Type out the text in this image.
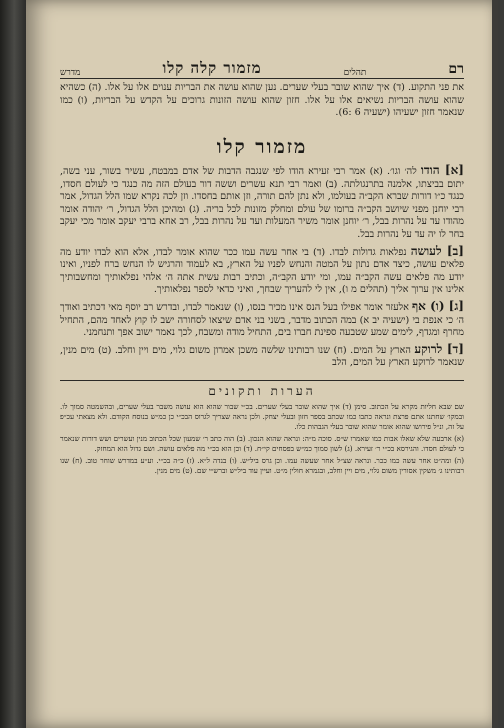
רם
תהלים
מזמור קלה קלו
מדרש
את פני התקוע. (ד) איך שהוא שובר בעלי שערים. נען שהוא עושה את הבריות ענוים אלו על אלו. (ה) כשהיא שהוא עושה הבריות נשיאים אלו על אלו. חזון שהוא עושה הזונות גרוכים על הקדש על הבריות, (ו) כמו שנאמר חזון ישעיהו (ישעיה 6 :6).
מזמור קלו

[א] הודו לה׳ וגו׳. (א) אמר רבי זעירא הודו לפי שנגבה הדבות של אדם במבטח, עשיר בשור, עני בשה, יתום בביצתו, אלמנה בתרנגולתה. (ב) ואמר רבי תנא עשרים וששה דור בעולם הזה מה כנגד כי לעולם חסדו, כנגד כ״ו דורות שברא הקב״ה בעולמו, ולא נתן להם תורה, וזן אותם בחסדו. וזן לכה נקרא שמו הלל הגדול, אמר רבי יוחנן מפני שיושב הקב״ה ברומו של עולם ומחלק מזונות לכל בריה. (ג) ומהיכן הלל הגדול, ר׳ יהודה אומר מהודו עד על נהרות בבל, ר׳ יוחנן אומר משיר המעלות ועד על נהרות בבל, רב אחא ברבי יעקב אומר מכי יעקב בחר לו יה עד על נהרות בבל.

[ב] לעושה נפלאות גדולות לבדו. (ד) בי אחר עשה עמו ככר שהוא אומר לבדו, אלא הוא לבדו יודע מה פלאים עושה, כיצד אדם נתון על המטה והנחש לפניו על הארץ, בא לעמוד והרגיש לו הנחש ברח לפניו, ואינו יודע מה פלאים עשה הקב״ה עמו, ומי יודע הקב״ה, וכתיב רבות עשית אתה ה׳ אלהי נפלאותיך ומחשבותיך אלינו אין ערוך אליך (תהלים מ ו), אין לי להעריך שבחך, ואיני כדאי לספר נפלאותיך.

[ג] (ו) אף אלעזר אומר אפילו בעל הנס אינו מכיר בנסו, (ו) שנאמר לבדו, ובדרש רב יוסף מאי דכתיב ואודך ה׳ כי אנפת בי (ישעיה יב א) במה הכתוב מדבר, בשני בני אדם שיצאו לסחורה ישב לו קוץ לאחד מהם, התחיל מחרף ומגדף, לימים שמע שטבעה ספינת חברו בים, התחיל מודה ומשבח, לכך נאמר ישוב אפך ותנחמני.

[ד] לרוקע הארץ על המים. (ח) שנו רבותינו שלשה משכן אמרון משום גלוי, מים ויין וחלב. (ט) מים מנין, שנאמר לרוקע הארץ על המים, הלב

הערות ותקונים

שם שבא חליות מקרא על הכתוב. סימן (ד) איך שהוא שובר בעלי שערים. בכ״י שבור שהוא הוא עושה משבר בעלי שערים, ובהשמטה סמוך לו. ובמקו׳ שחתנו אתם פרצת ונראה כתבו כמו שכתב בספר חזון ובעלי יצחק. ולכן נראה שצריך לגרוס הבכ״י כן כמ״ש בנוסח הקודם. ולא מצאתי עכ״פ על זה, ונ״ל פירושו שהוא אומר שהוא שובר בעלי הגבהות כלו.

(א) ארבעה שלא שאלו אבות כמו שאמרו ש״ס. סוכה מ״ה: ונראה שהוא הנכון. (ב) הוה כתב ר׳ שמעון שכל הכתוב מנין ועשרים ושש דורות שנאמר כי לעולם חסדו. והגירסא בכ״י ר׳ זעירא. (ג) לשון סמוך כמ״ש בפסחים קי״ח. (ד) וכן הוא בכ״י מה פלאים עושה. ושם גדול הוא המחזק.

(ה) ומה״ט אחר עשה כמו ככר. ונראה שצ״ל אחר שעשה עמו. וכן גרס ביל״ש. (ו) בנדה ל״א. (ז) כ״ה בכ״י. וע״ע במדרש שוחר טוב. (ח) שנו רבותינו ג׳ משקין אסורין משום גלוי, מים ויין וחלב, ובגמרא חולין מ״ט. ועיין עוד ביל״ש וברש״י שם. (ט) מים מנין.
